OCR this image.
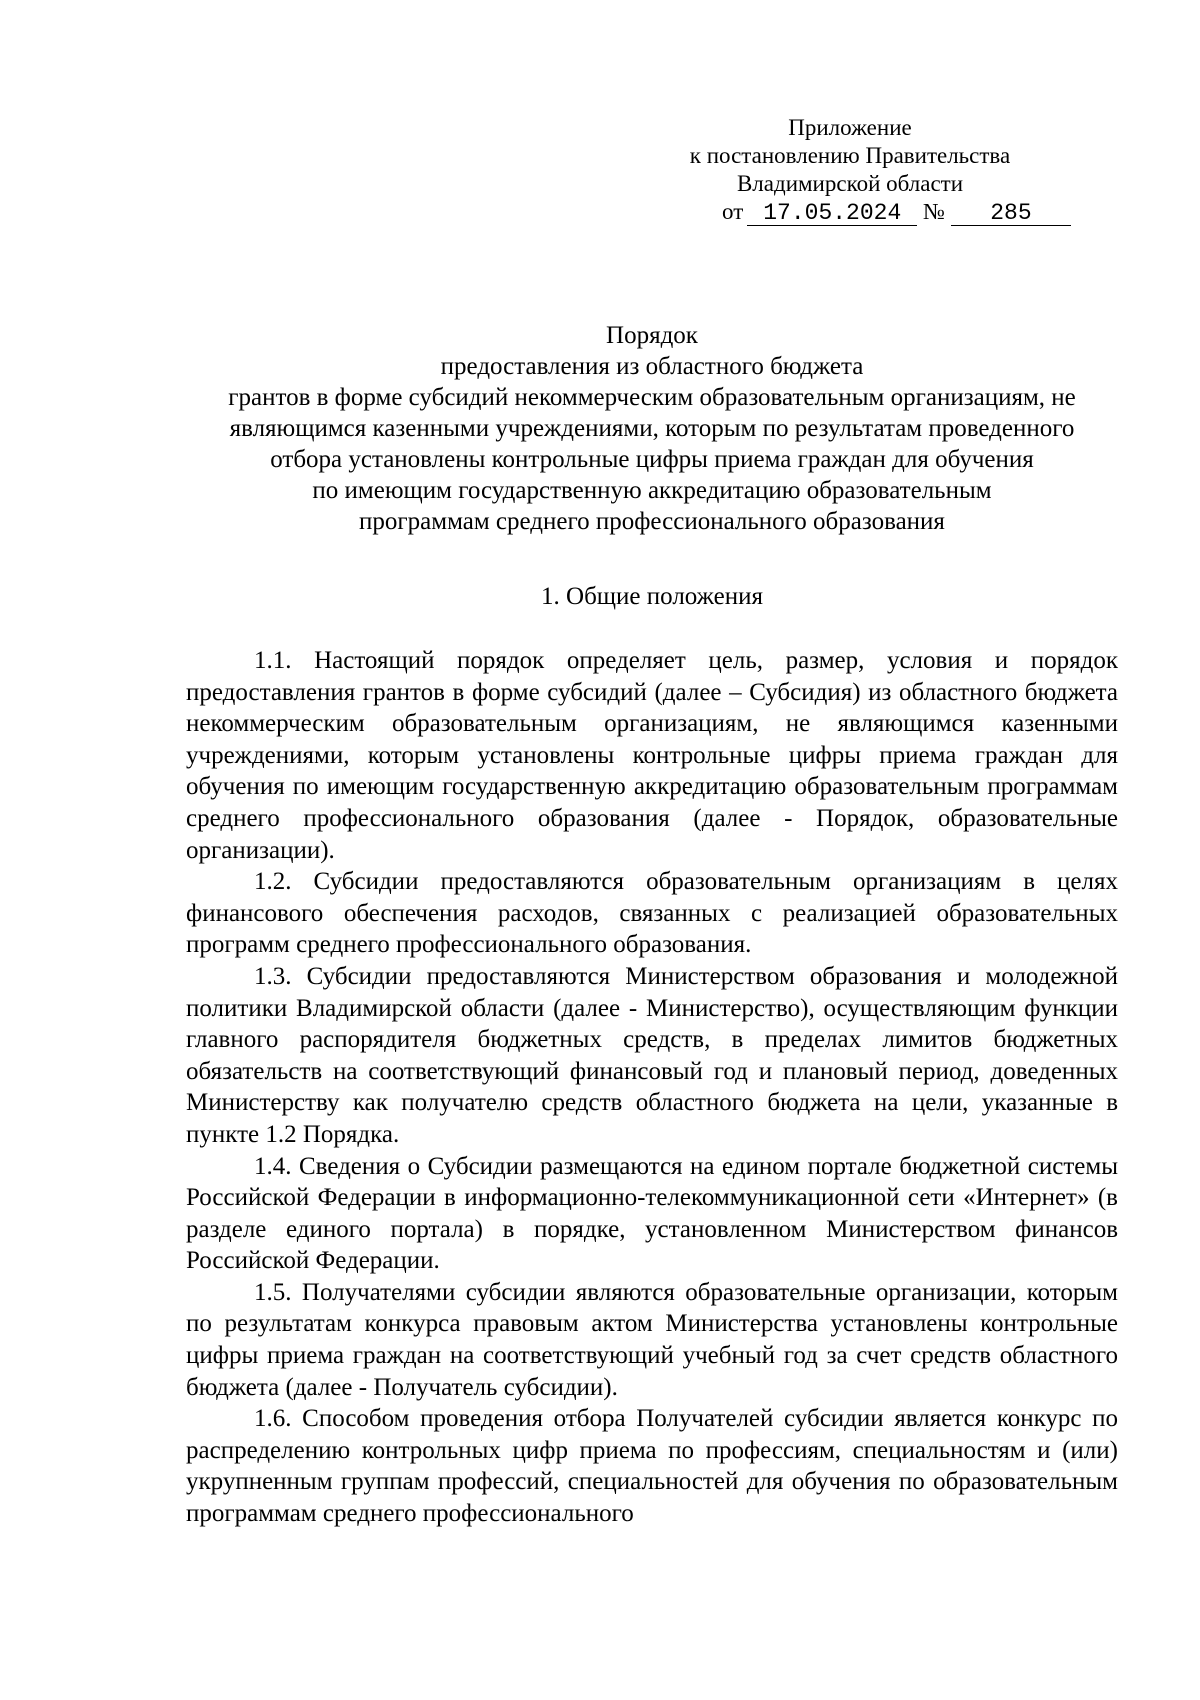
Приложение
к постановлению Правительства
Владимирской области
от 17.05.2024 № 285
Порядок
предоставления из областного бюджета
грантов в форме субсидий некоммерческим образовательным организациям, не
являющимся казенными учреждениями, которым по результатам проведенного
отбора установлены контрольные цифры приема граждан для обучения
по имеющим государственную аккредитацию образовательным
программам среднего профессионального образования
1. Общие положения

1.1. Настоящий порядок определяет цель, размер, условия и порядок предоставления грантов в форме субсидий (далее – Субсидия) из областного бюджета некоммерческим образовательным организациям, не являющимся казенными учреждениями, которым установлены контрольные цифры приема граждан для обучения по имеющим государственную аккредитацию образовательным программам среднего профессионального образования (далее - Порядок, образовательные организации).

1.2. Субсидии предоставляются образовательным организациям в целях финансового обеспечения расходов, связанных с реализацией образовательных программ среднего профессионального образования.

1.3. Субсидии предоставляются Министерством образования и молодежной политики Владимирской области (далее - Министерство), осуществляющим функции главного распорядителя бюджетных средств, в пределах лимитов бюджетных обязательств на соответствующий финансовый год и плановый период, доведенных Министерству как получателю средств областного бюджета на цели, указанные в пункте 1.2 Порядка.

1.4. Сведения о Субсидии размещаются на едином портале бюджетной системы Российской Федерации в информационно-телекоммуникационной сети «Интернет» (в разделе единого портала) в порядке, установленном Министерством финансов Российской Федерации.

1.5. Получателями субсидии являются образовательные организации, которым по результатам конкурса правовым актом Министерства установлены контрольные цифры приема граждан на соответствующий учебный год за счет средств областного бюджета (далее - Получатель субсидии).

1.6. Способом проведения отбора Получателей субсидии является конкурс по распределению контрольных цифр приема по профессиям, специальностям и (или) укрупненным группам профессий, специальностей для обучения по образовательным программам среднего профессионального
